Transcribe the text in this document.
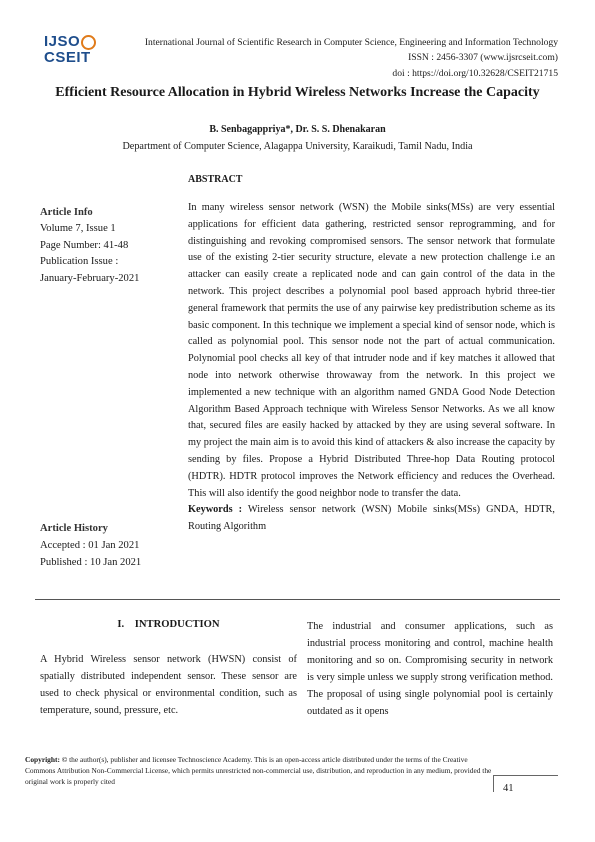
IJSO
CSEIT
International Journal of Scientific Research in Computer Science, Engineering and Information Technology
ISSN : 2456-3307 (www.ijsrcseit.com)
doi : https://doi.org/10.32628/CSEIT21715
Efficient Resource Allocation in Hybrid Wireless Networks Increase the Capacity
B. Senbagappriya*, Dr. S. S. Dhenakaran
Department of Computer Science, Alagappa University, Karaikudi, Tamil Nadu, India
Article Info
Volume 7, Issue 1
Page Number: 41-48
Publication Issue :
January-February-2021
Article History
Accepted : 01 Jan 2021
Published : 10 Jan 2021
ABSTRACT
In many wireless sensor network (WSN) the Mobile sinks(MSs) are very essential applications for efficient data gathering, restricted sensor reprogramming, and for distinguishing and revoking compromised sensors. The sensor network that formulate use of the existing 2-tier security structure, elevate a new protection challenge i.e an attacker can easily create a replicated node and can gain control of the data in the network. This project describes a polynomial pool based approach hybrid three-tier general framework that permits the use of any pairwise key predistribution scheme as its basic component. In this technique we implement a special kind of sensor node, which is called as polynomial pool. This sensor node not the part of actual communication. Polynomial pool checks all key of that intruder node and if key matches it allowed that node into network otherwise throwaway from the network. In this project we implemented a new technique with an algorithm named GNDA Good Node Detection Algorithm Based Approach technique with Wireless Sensor Networks. As we all know that, secured files are easily hacked by attacked by they are using several software. In my project the main aim is to avoid this kind of attackers & also increase the capacity by sending by files. Propose a Hybrid Distributed Three-hop Data Routing protocol (HDTR). HDTR protocol improves the Network efficiency and reduces the Overhead. This will also identify the good neighbor node to transfer the data.
Keywords : Wireless sensor network (WSN) Mobile sinks(MSs) GNDA, HDTR, Routing Algorithm
I.    INTRODUCTION
A Hybrid Wireless sensor network (HWSN) consist of spatially distributed independent sensor. These sensor are used to check physical or environmental condition, such as temperature, sound, pressure, etc.
The industrial and consumer applications, such as industrial process monitoring and control, machine health monitoring and so on. Compromising security in network is very simple unless we supply strong verification method. The proposal of using single polynomial pool is certainly outdated as it opens
Copyright: © the author(s), publisher and licensee Technoscience Academy. This is an open-access article distributed under the terms of the Creative Commons Attribution Non-Commercial License, which permits unrestricted non-commercial use, distribution, and reproduction in any medium, provided the original work is properly cited
41
